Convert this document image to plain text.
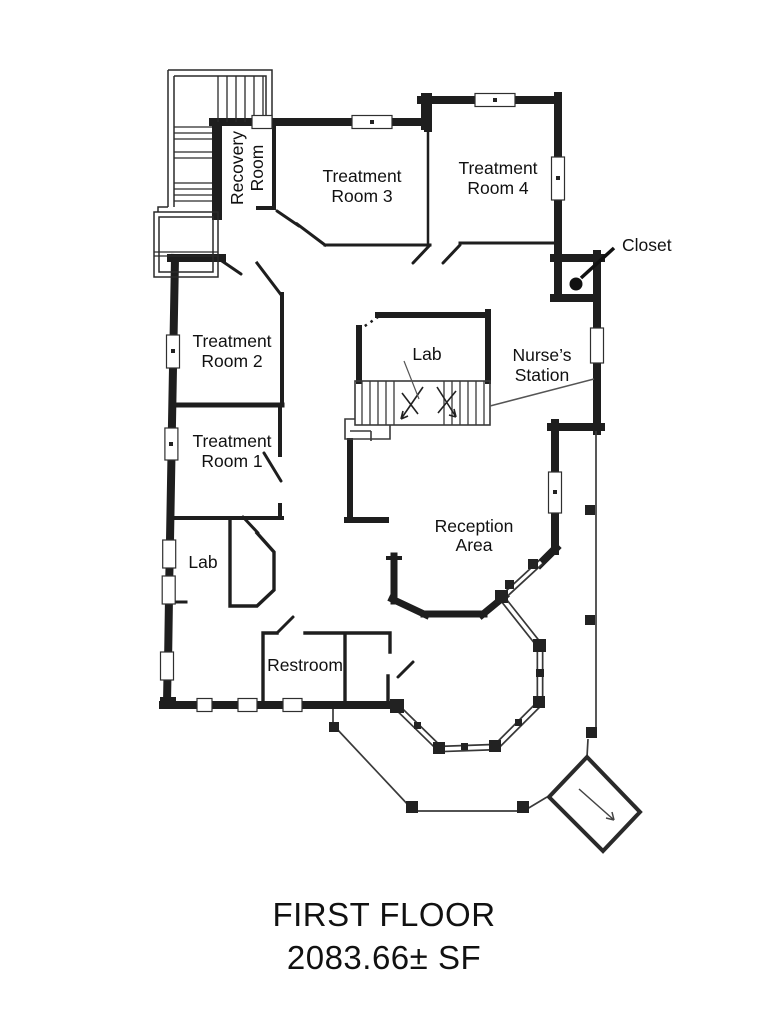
Recovery Room	Treatment
Room 3
Treatment
Room 4
Closet
Treatment
Room 2	Lab	Nurse’s
Station
Treatment
Room 1
Reception
Area
Lab
Restroom
FIRST FLOOR
2083.66± SF
